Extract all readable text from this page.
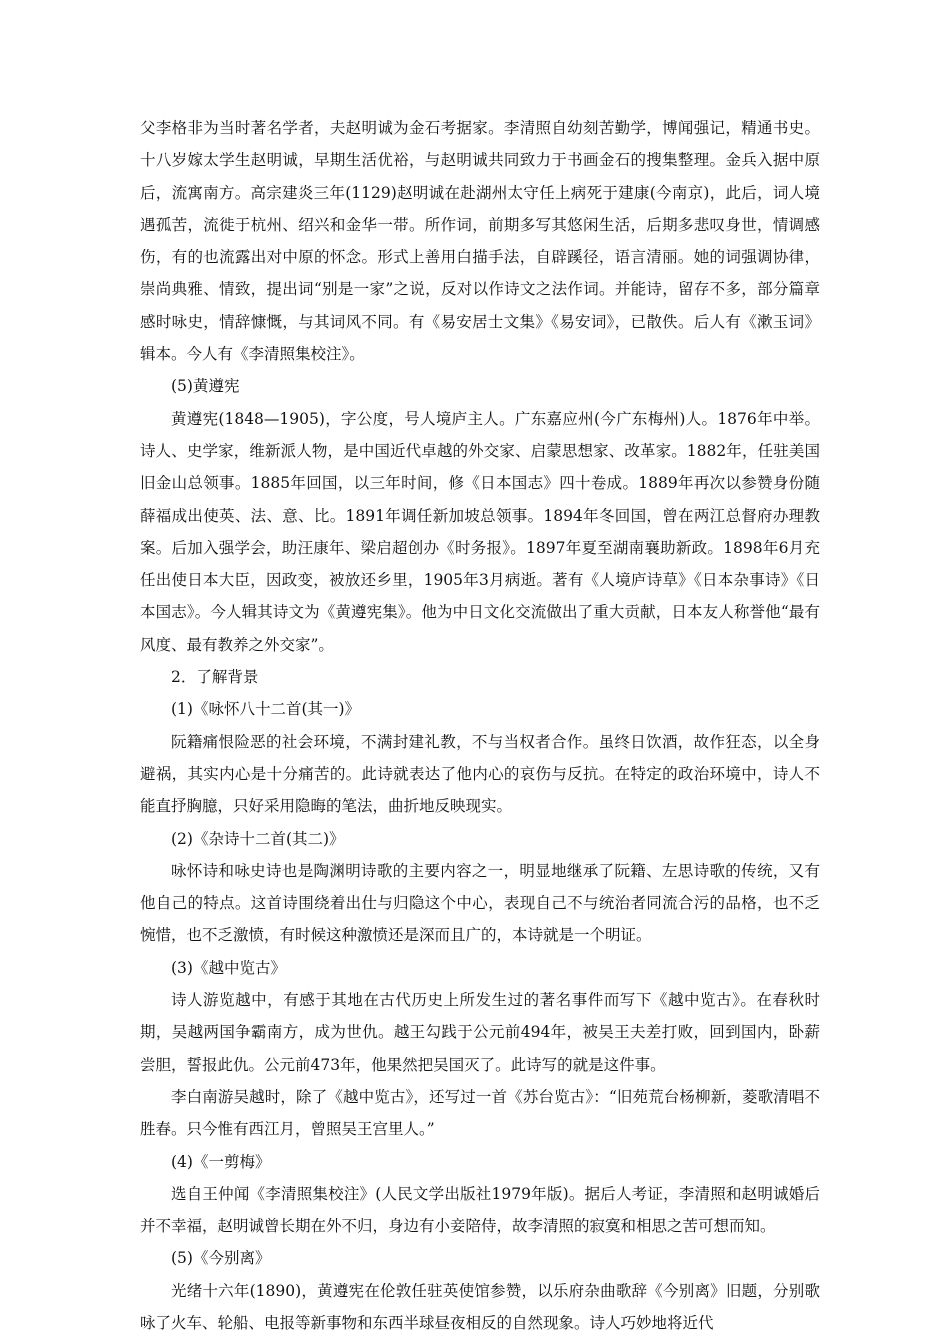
父李格非为当时著名学者，夫赵明诚为金石考据家。李清照自幼刻苦勤学，博闻强记，精通书史。十八岁嫁太学生赵明诚，早期生活优裕，与赵明诚共同致力于书画金石的搜集整理。金兵入据中原后，流寓南方。高宗建炎三年(1129)赵明诚在赴湖州太守任上病死于建康(今南京)，此后，词人境遇孤苦，流徙于杭州、绍兴和金华一带。所作词，前期多写其悠闲生活，后期多悲叹身世，情调感伤，有的也流露出对中原的怀念。形式上善用白描手法，自辟蹊径，语言清丽。她的词强调协律，崇尚典雅、情致，提出词“别是一家”之说，反对以作诗文之法作词。并能诗，留存不多，部分篇章感时咏史，情辞慷慨，与其词风不同。有《易安居士文集》《易安词》，已散佚。后人有《漱玉词》辑本。今人有《李清照集校注》。

(5)黄遵宪

黄遵宪(1848—1905)，字公度，号人境庐主人。广东嘉应州(今广东梅州)人。1876年中举。诗人、史学家，维新派人物，是中国近代卓越的外交家、启蒙思想家、改革家。1882年，任驻美国旧金山总领事。1885年回国，以三年时间，修《日本国志》四十卷成。1889年再次以参赞身份随薛福成出使英、法、意、比。1891年调任新加坡总领事。1894年冬回国，曾在两江总督府办理教案。后加入强学会，助汪康年、梁启超创办《时务报》。1897年夏至湖南襄助新政。1898年6月充任出使日本大臣，因政变，被放还乡里，1905年3月病逝。著有《人境庐诗草》《日本杂事诗》《日本国志》。今人辑其诗文为《黄遵宪集》。他为中日文化交流做出了重大贡献，日本友人称誉他“最有风度、最有教养之外交家”。

2．了解背景

(1)《咏怀八十二首(其一)》

阮籍痛恨险恶的社会环境，不满封建礼教，不与当权者合作。虽终日饮酒，故作狂态，以全身避祸，其实内心是十分痛苦的。此诗就表达了他内心的哀伤与反抗。在特定的政治环境中，诗人不能直抒胸臆，只好采用隐晦的笔法，曲折地反映现实。

(2)《杂诗十二首(其二)》

咏怀诗和咏史诗也是陶渊明诗歌的主要内容之一，明显地继承了阮籍、左思诗歌的传统，又有他自己的特点。这首诗围绕着出仕与归隐这个中心，表现自己不与统治者同流合污的品格，也不乏惋惜，也不乏激愤，有时候这种激愤还是深而且广的，本诗就是一个明证。

(3)《越中览古》

诗人游览越中，有感于其地在古代历史上所发生过的著名事件而写下《越中览古》。在春秋时期，吴越两国争霸南方，成为世仇。越王勾践于公元前494年，被吴王夫差打败，回到国内，卧薪尝胆，誓报此仇。公元前473年，他果然把吴国灭了。此诗写的就是这件事。

李白南游吴越时，除了《越中览古》，还写过一首《苏台览古》：“旧苑荒台杨柳新，菱歌清唱不胜春。只今惟有西江月，曾照吴王宫里人。”

(4)《一剪梅》

选自王仲闻《李清照集校注》(人民文学出版社1979年版)。据后人考证，李清照和赵明诚婚后并不幸福，赵明诚曾长期在外不归，身边有小妾陪侍，故李清照的寂寞和相思之苦可想而知。

(5)《今别离》

光绪十六年(1890)，黄遵宪在伦敦任驻英使馆参赞，以乐府杂曲歌辞《今别离》旧题，分别歌咏了火车、轮船、电报等新事物和东西半球昼夜相反的自然现象。诗人巧妙地将近代
